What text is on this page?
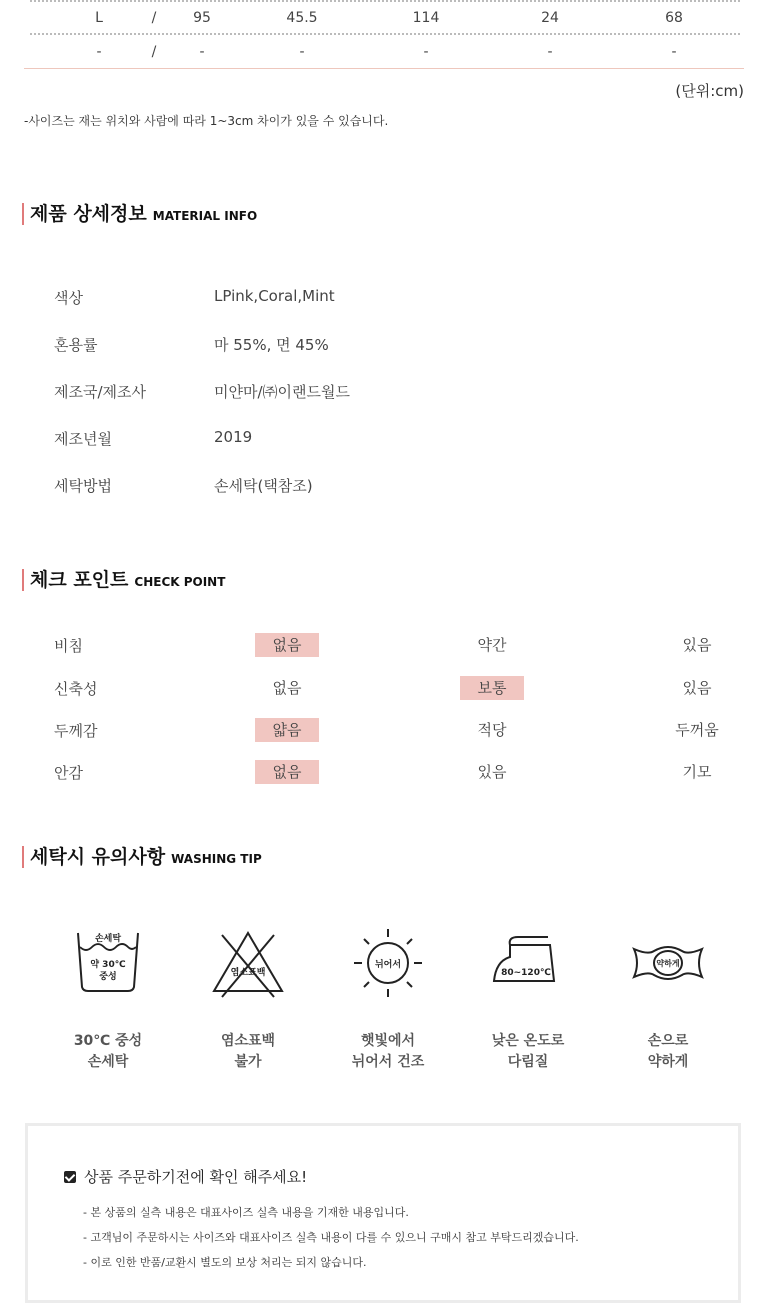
L	/	95	45.5	114	24	68
-	/	-	-	-	-	-
(단위:cm)
-사이즈는 재는 위치와 사람에 따라 1~3cm 차이가 있을 수 있습니다.
제품 상세정보 MATERIAL INFO
색상	LPink,Coral,Mint
혼용률	마 55%, 면 45%
제조국/제조사	미얀마/㈜이랜드월드
제조년월	2019
세탁방법	손세탁(택참조)
체크 포인트 CHECK POINT
비침	없음	약간	있음
신축성	없음	보통	있음
두께감	얇음	적당	두꺼움
안감	없음	있음	기모
세탁시 유의사항 WASHING TIP
손세탁
약 30℃
중성
30℃ 중성
손세탁
염소표백
염소표백
불가
뉘어서
햇빛에서
뉘어서 건조
80~120℃
낮은 온도로
다림질
약하게
손으로
약하게
상품 주문하기전에 확인 해주세요!
- 본 상품의 실측 내용은 대표사이즈 실측 내용을 기재한 내용입니다.
- 고객님이 주문하시는 사이즈와 대표사이즈 실측 내용이 다를 수 있으니 구매시 참고 부탁드리겠습니다.
- 이로 인한 반품/교환시 별도의 보상 처리는 되지 않습니다.
